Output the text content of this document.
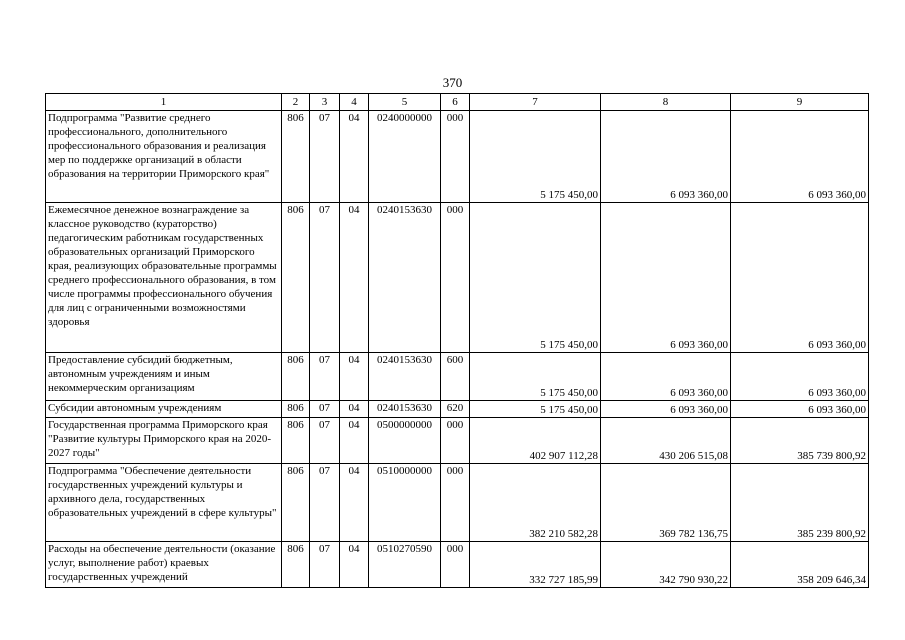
370
1	2	3	4	5	6	7	8	9
Подпрограмма "Развитие среднего профессионального, дополнительного профессионального образования и реализация мер по поддержке организаций в области образования на территории Приморского края"	806	07	04	0240000000	000	5 175 450,00	6 093 360,00	6 093 360,00
Ежемесячное денежное вознаграждение за классное руководство (кураторство) педагогическим работникам государственных образовательных организаций Приморского края, реализующих образовательные программы среднего профессионального образования, в том числе программы профессионального обучения для лиц с ограниченными возможностями здоровья	806	07	04	0240153630	000	5 175 450,00	6 093 360,00	6 093 360,00
Предоставление субсидий бюджетным, автономным учреждениям и иным некоммерческим организациям	806	07	04	0240153630	600	5 175 450,00	6 093 360,00	6 093 360,00
Субсидии автономным учреждениям	806	07	04	0240153630	620	5 175 450,00	6 093 360,00	6 093 360,00
Государственная программа Приморского края "Развитие культуры Приморского края на 2020-2027 годы"	806	07	04	0500000000	000	402 907 112,28	430 206 515,08	385 739 800,92
Подпрограмма "Обеспечение деятельности государственных учреждений культуры и архивного дела, государственных образовательных учреждений в сфере культуры"	806	07	04	0510000000	000	382 210 582,28	369 782 136,75	385 239 800,92
Расходы на обеспечение деятельности (оказание услуг, выполнение работ) краевых государственных учреждений	806	07	04	0510270590	000	332 727 185,99	342 790 930,22	358 209 646,34
